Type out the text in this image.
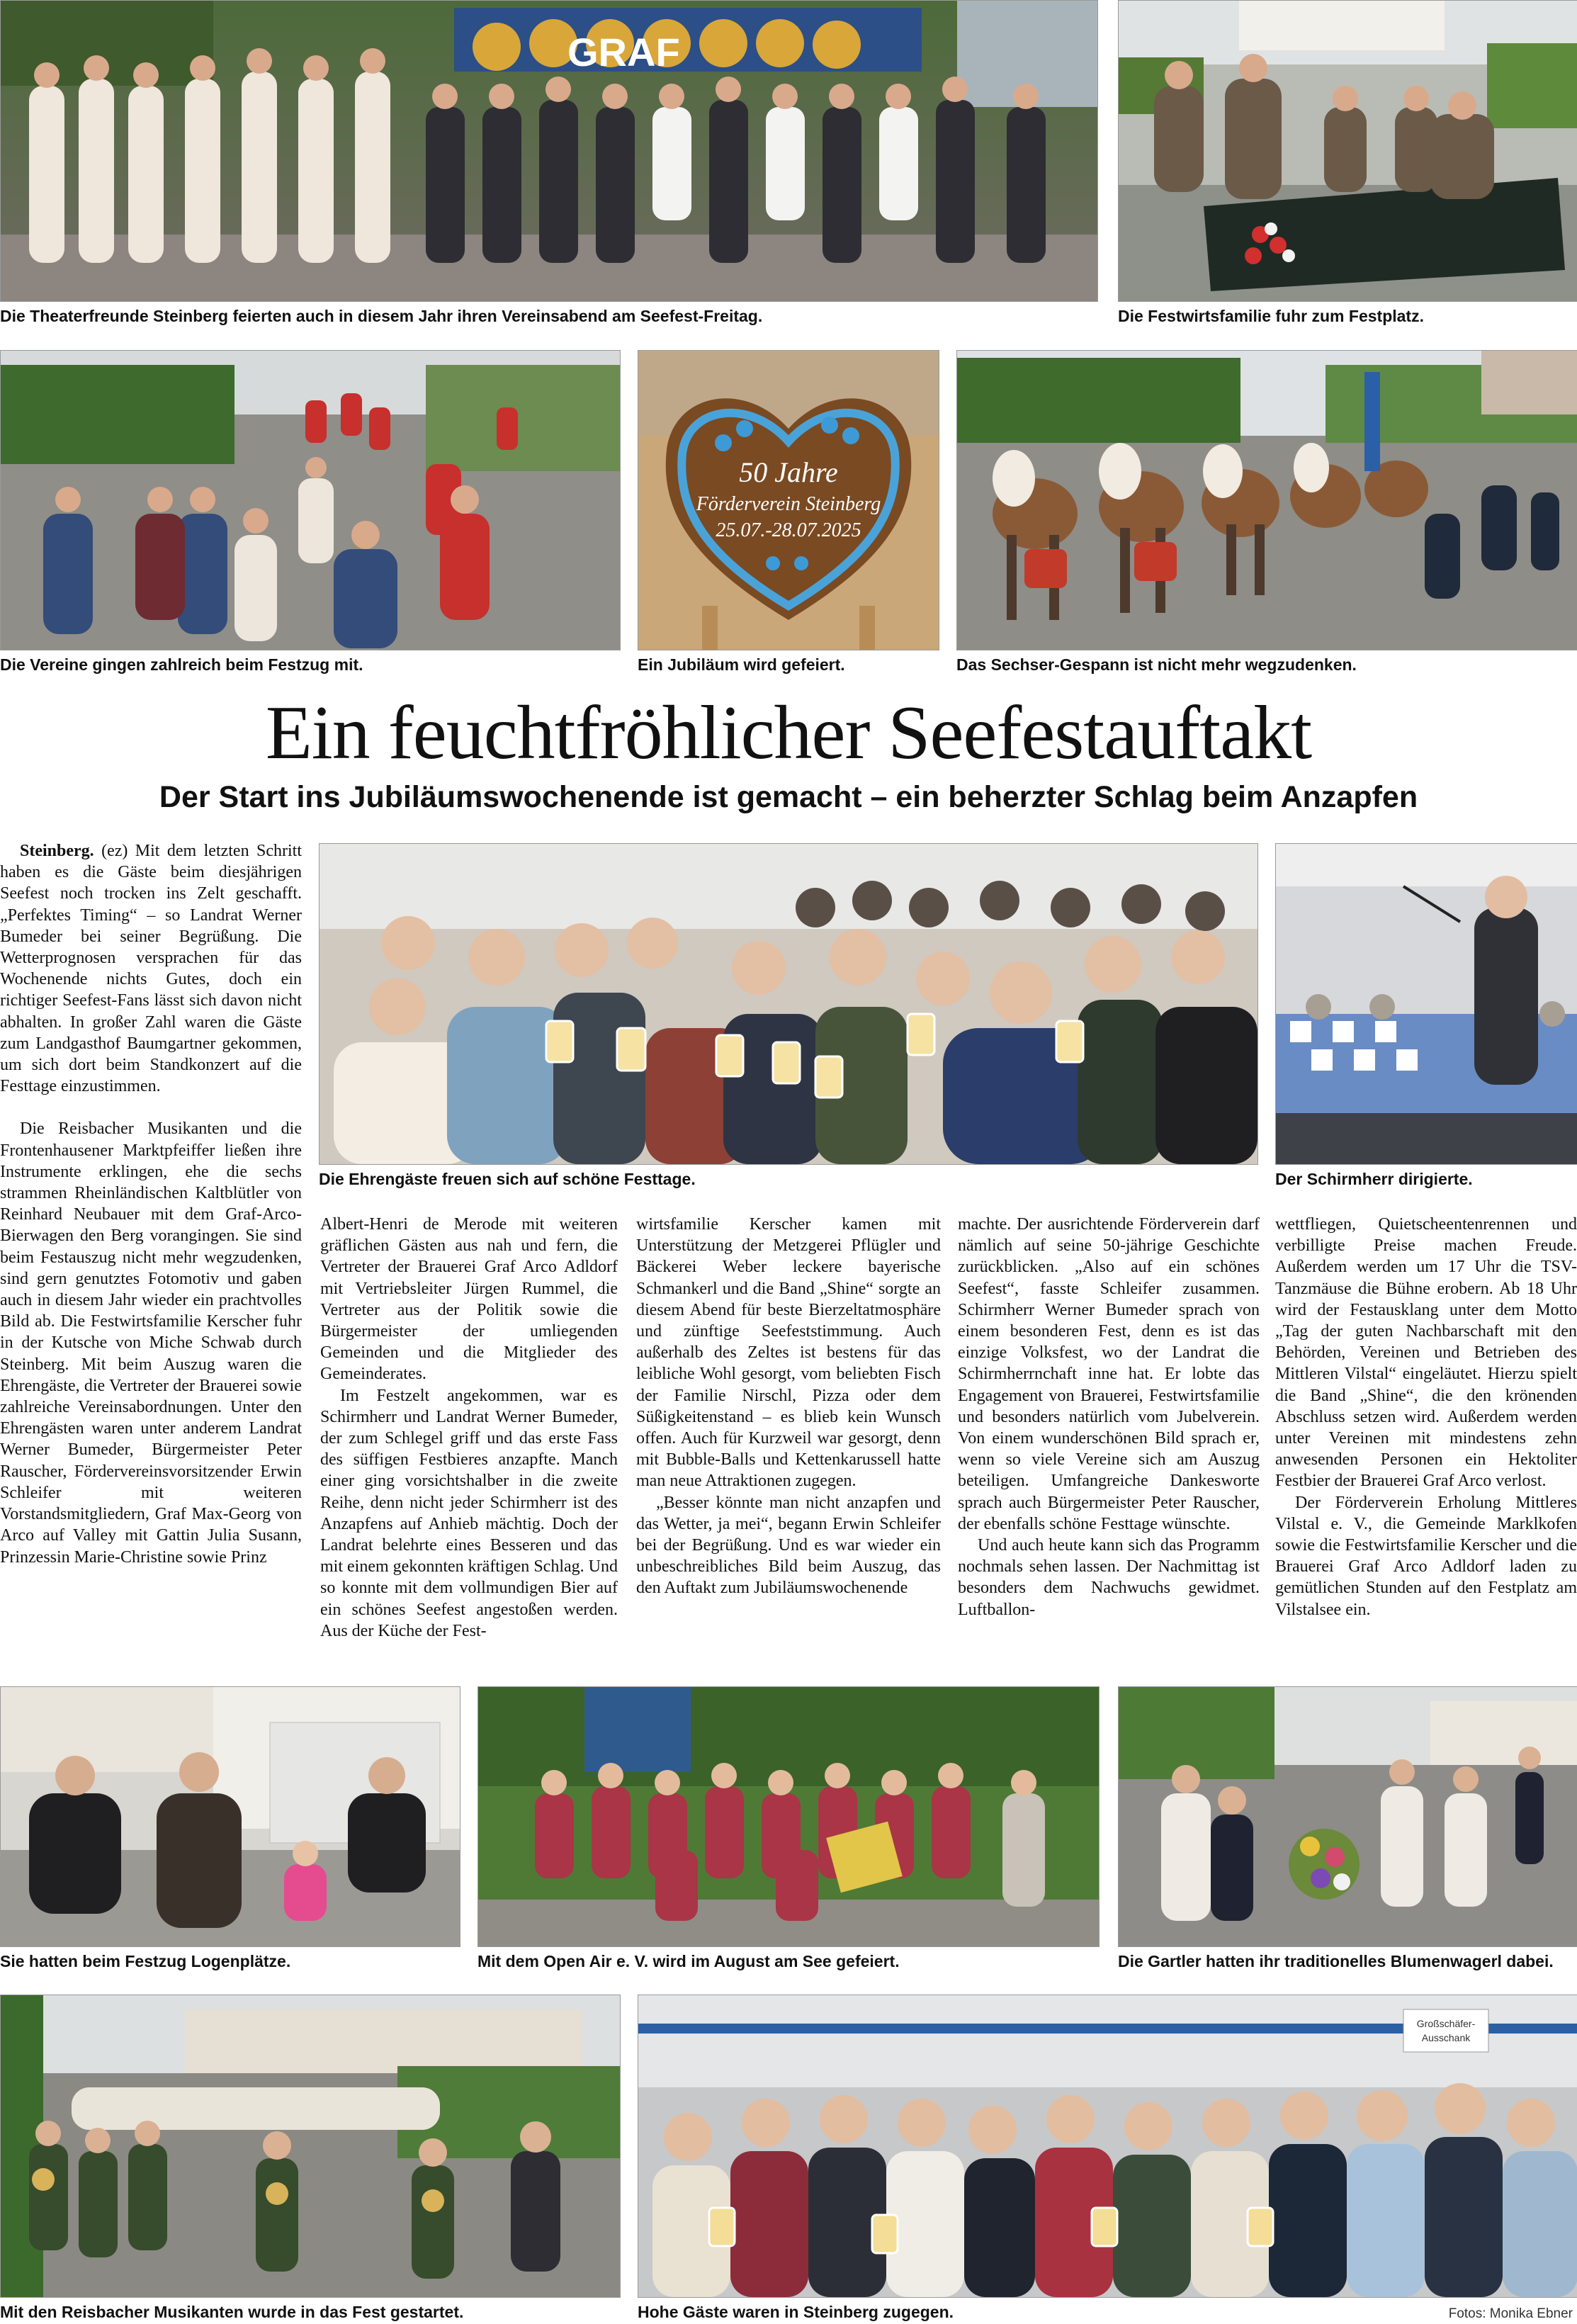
GRAF
Die Theaterfreunde Steinberg feierten auch in diesem Jahr ihren Vereinsabend am Seefest-Freitag.	Die Festwirtsfamilie fuhr zum Festplatz.
Die Vereine gingen zahlreich beim Festzug mit.
50 Jahre
Förderverein Steinberg
25.07.-28.07.2025
Ein Jubiläum wird gefeiert.	Das Sechser-Gespann ist nicht mehr wegzudenken.
Ein feuchtfröhlicher Seefestauftakt
Der Start ins Jubiläumswochenende ist gemacht – ein beherzter Schlag beim Anzapfen

Steinberg. (ez) Mit dem letzten Schritt haben es die Gäste beim diesjährigen Seefest noch trocken ins Zelt geschafft. „Perfektes Timing“ – so Landrat Werner Bumeder bei seiner Begrüßung. Die Wetterprognosen versprachen für das Wochenende nichts Gutes, doch ein richtiger Seefest-Fans lässt sich davon nicht abhalten. In großer Zahl waren die Gäste zum Landgasthof Baumgartner gekommen, um sich dort beim Standkonzert auf die Festtage einzustimmen.

Die Reisbacher Musikanten und die Frontenhausener Marktpfeiffer ließen ihre Instrumente erklingen, ehe die sechs strammen Rheinländischen Kaltblütler von Reinhard Neubauer mit dem Graf-Arco-Bierwagen den Berg vorangingen. Sie sind beim Festauszug nicht mehr wegzudenken, sind gern genutztes Fotomotiv und gaben auch in diesem Jahr wieder ein prachtvolles Bild ab. Die Festwirtsfamilie Kerscher fuhr in der Kutsche von Miche Schwab durch Steinberg. Mit beim Auszug waren die Ehrengäste, die Vertreter der Brauerei sowie zahlreiche Vereinsabordnungen. Unter den Ehrengästen waren unter anderem Landrat Werner Bumeder, Bürgermeister Peter Rauscher, Fördervereinsvorsitzender Erwin Schleifer mit weiteren Vorstandsmitgliedern, Graf Max-Georg von Arco auf Valley mit Gattin Julia Susann, Prinzessin Marie-Christine sowie Prinz

Die Ehrengäste freuen sich auf schöne Festtage.	Der Schirmherr dirigierte.

Albert-Henri de Merode mit weiteren gräflichen Gästen aus nah und fern, die Vertreter der Brauerei Graf Arco Adldorf mit Vertriebsleiter Jürgen Rummel, die Vertreter aus der Politik sowie die Bürgermeister der umliegenden Gemeinden und die Mitglieder des Gemeinderates.

Im Festzelt angekommen, war es Schirmherr und Landrat Werner Bumeder, der zum Schlegel griff und das erste Fass des süffigen Festbieres anzapfte. Manch einer ging vorsichtshalber in die zweite Reihe, denn nicht jeder Schirmherr ist des Anzapfens auf Anhieb mächtig. Doch der Landrat belehrte eines Besseren und das mit einem gekonnten kräftigen Schlag. Und so konnte mit dem vollmundigen Bier auf ein schönes Seefest angestoßen werden. Aus der Küche der Fest-

wirtsfamilie Kerscher kamen mit Unterstützung der Metzgerei Pflügler und Bäckerei Weber leckere bayerische Schmankerl und die Band „Shine“ sorgte an diesem Abend für beste Bierzeltatmosphäre und zünftige Seefeststimmung. Auch außerhalb des Zeltes ist bestens für das leibliche Wohl gesorgt, vom beliebten Fisch der Familie Nirschl, Pizza oder dem Süßigkeitenstand – es blieb kein Wunsch offen. Auch für Kurzweil war gesorgt, denn mit Bubble-Balls und Kettenkarussell hatte man neue Attraktionen zugegen.

„Besser könnte man nicht anzapfen und das Wetter, ja mei“, begann Erwin Schleifer bei der Begrüßung. Und es war wieder ein unbeschreibliches Bild beim Auszug, das den Auftakt zum Jubiläumswochenende

machte. Der ausrichtende Förderverein darf nämlich auf seine 50-jährige Geschichte zurückblicken. „Also auf ein schönes Seefest“, fasste Schleifer zusammen. Schirmherr Werner Bumeder sprach von einem besonderen Fest, denn es ist das einzige Volksfest, wo der Landrat die Schirmherrnchaft inne hat. Er lobte das Engagement von Brauerei, Festwirtsfamilie und besonders natürlich vom Jubelverein. Von einem wunderschönen Bild sprach er, wenn so viele Vereine sich am Auszug beteiligen. Umfangreiche Dankesworte sprach auch Bürgermeister Peter Rauscher, der ebenfalls schöne Festtage wünschte.

Und auch heute kann sich das Programm nochmals sehen lassen. Der Nachmittag ist besonders dem Nachwuchs gewidmet. Luftballon-

wettfliegen, Quietscheentenrennen und verbilligte Preise machen Freude. Außerdem werden um 17 Uhr die TSV-Tanzmäuse die Bühne erobern. Ab 18 Uhr wird der Festausklang unter dem Motto „Tag der guten Nachbarschaft mit den Behörden, Vereinen und Betrieben des Mittleren Vilstal“ eingeläutet. Hierzu spielt die Band „Shine“, die den krönenden Abschluss setzen wird. Außerdem werden unter Vereinen mit mindestens zehn anwesenden Personen ein Hektoliter Festbier der Brauerei Graf Arco verlost.

Der Förderverein Erholung Mittleres Vilstal e. V., die Gemeinde Marklkofen sowie die Festwirtsfamilie Kerscher und die Brauerei Graf Arco Adldorf laden zu gemütlichen Stunden auf den Festplatz am Vilstalsee ein.

Sie hatten beim Festzug Logenplätze.	Mit dem Open Air e. V. wird im August am See gefeiert.	Die Gartler hatten ihr traditionelles Blumenwagerl dabei.
Mit den Reisbacher Musikanten wurde in das Fest gestartet.
Großschäfer-
Ausschank
Hohe Gäste waren in Steinberg zugegen.	Fotos: Monika Ebner
